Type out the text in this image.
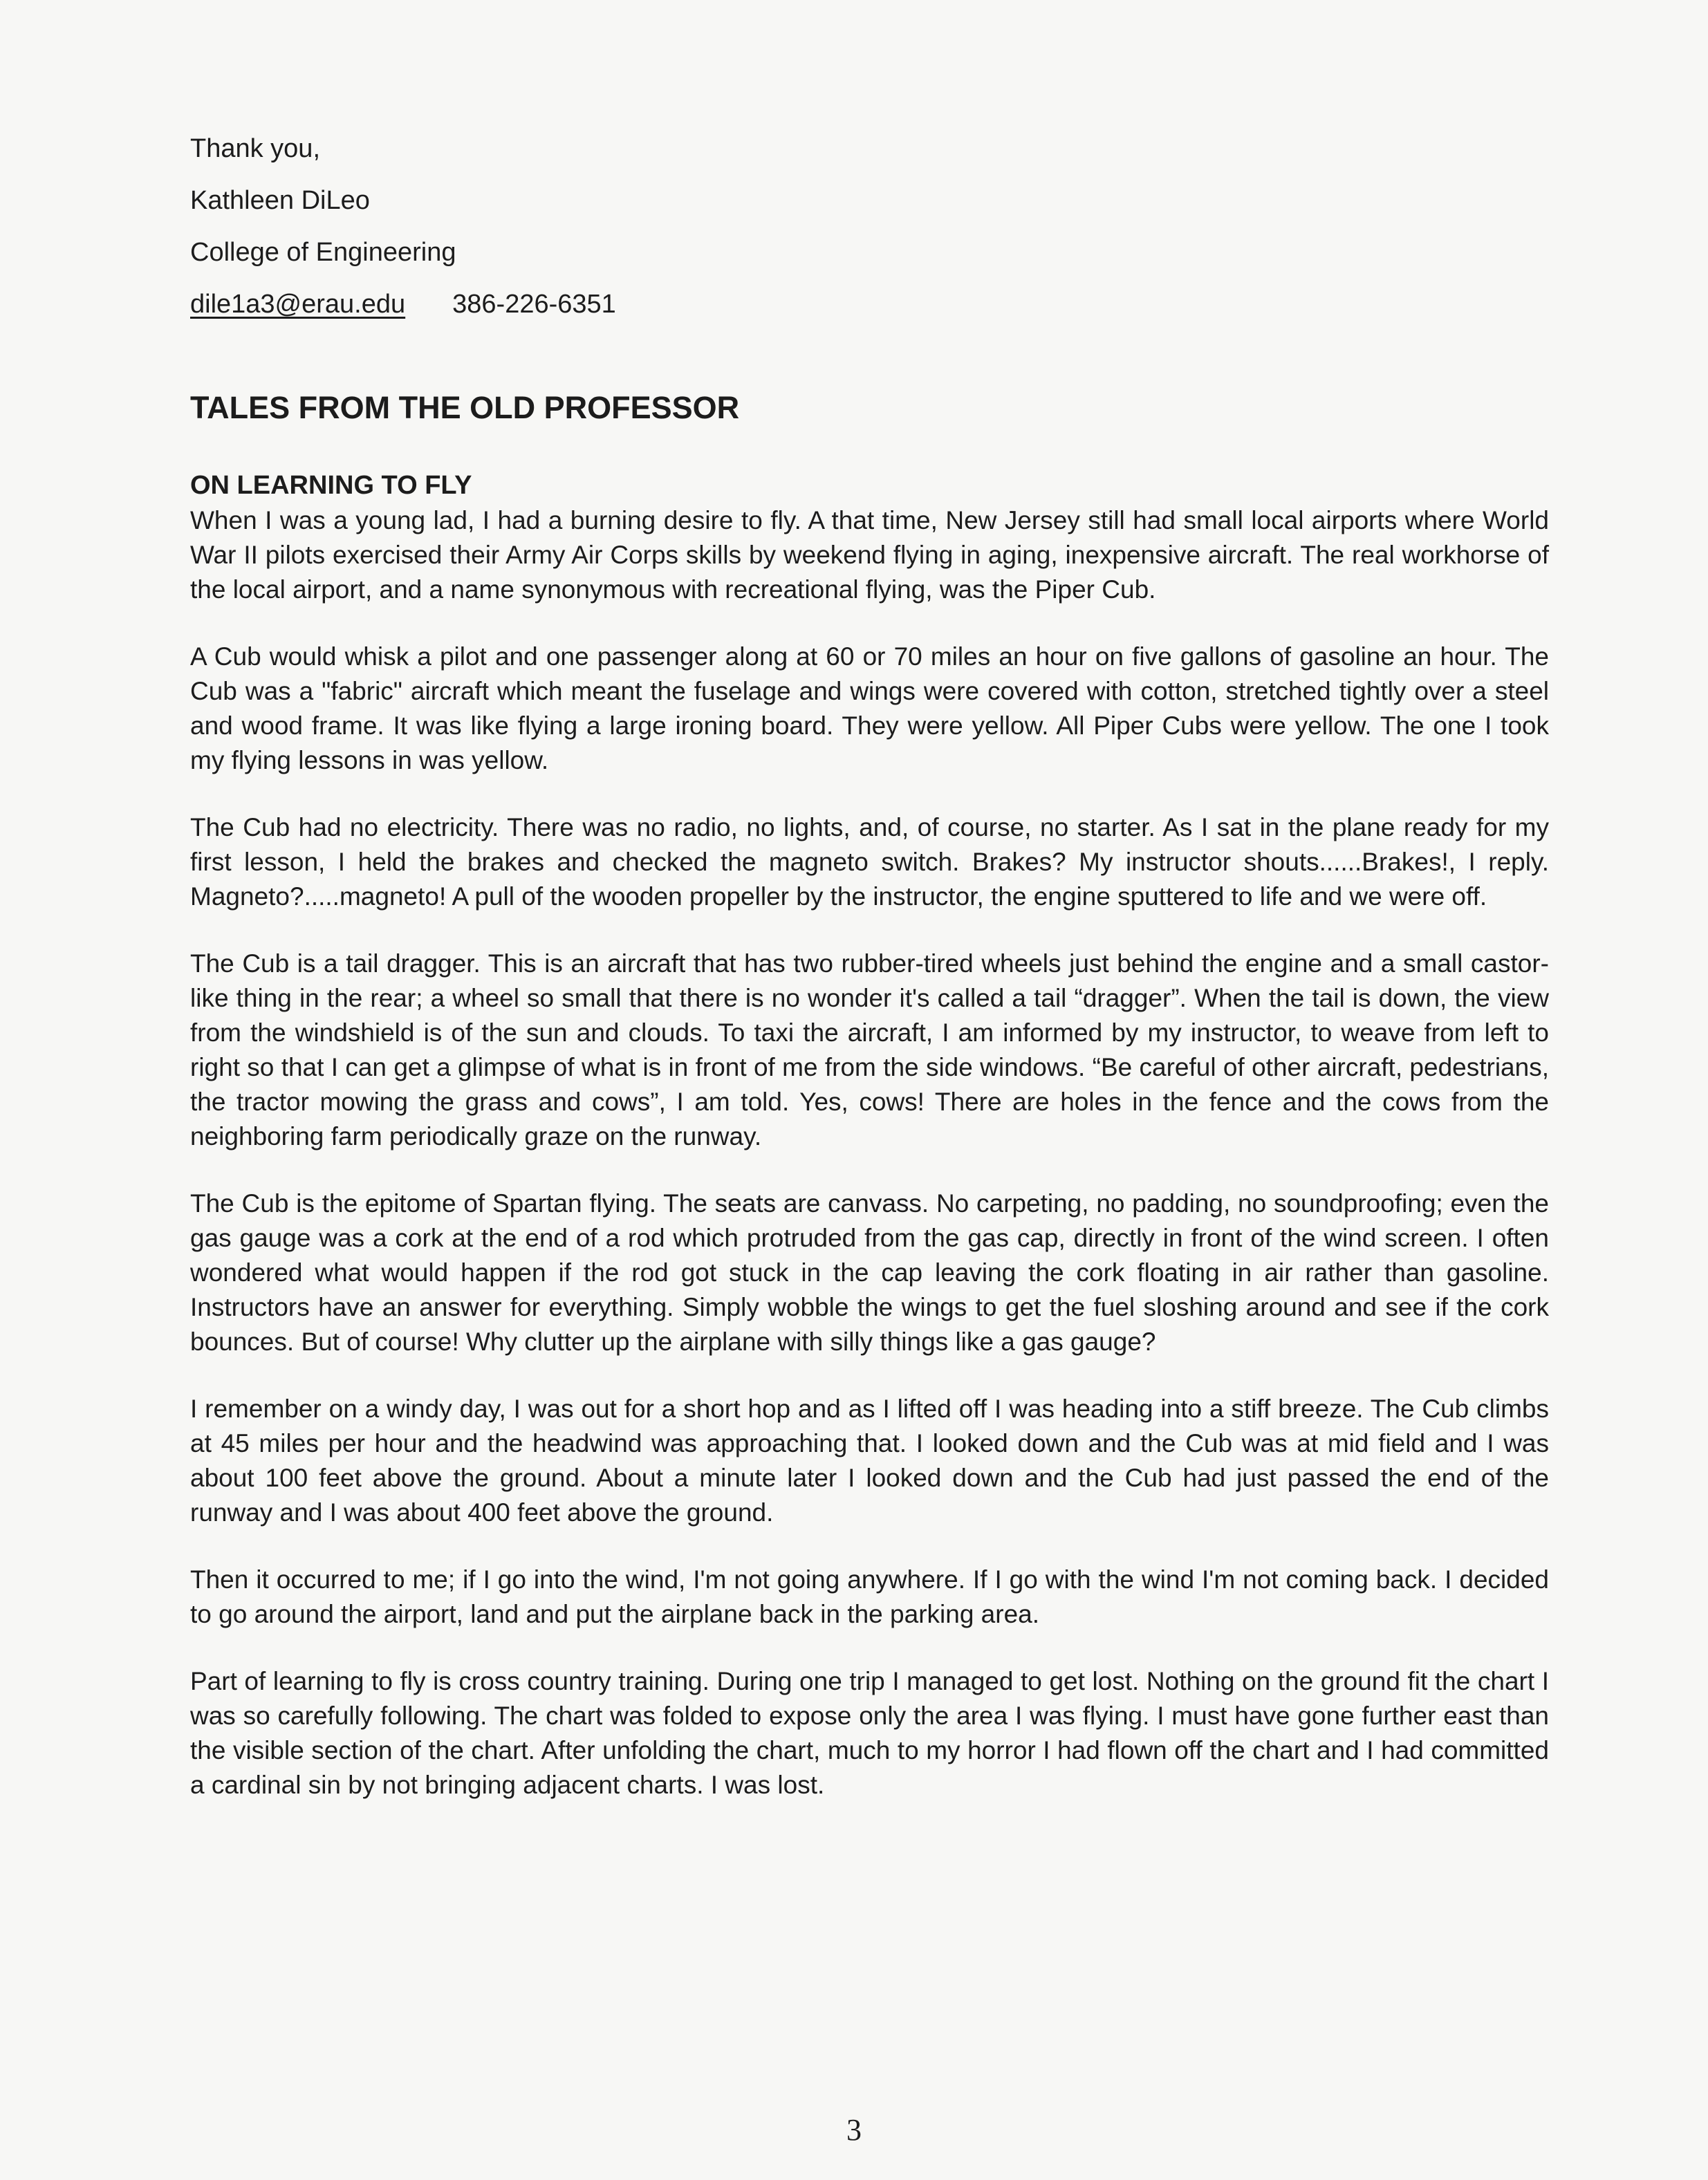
Thank you,

Kathleen DiLeo

College of Engineering

dile1a3@erau.edu 386-226-6351

TALES FROM THE OLD PROFESSOR
ON LEARNING TO FLY

When I was a young lad, I had a burning desire to fly. A that time, New Jersey still had small local airports where World War II pilots exercised their Army Air Corps skills by weekend flying in aging, inexpensive aircraft. The real workhorse of the local airport, and a name synonymous with recreational flying, was the Piper Cub.

A Cub would whisk a pilot and one passenger along at 60 or 70 miles an hour on five gallons of gasoline an hour. The Cub was a "fabric" aircraft which meant the fuselage and wings were covered with cotton, stretched tightly over a steel and wood frame. It was like flying a large ironing board. They were yellow. All Piper Cubs were yellow. The one I took my flying lessons in was yellow.

The Cub had no electricity. There was no radio, no lights, and, of course, no starter. As I sat in the plane ready for my first lesson, I held the brakes and checked the magneto switch. Brakes? My instructor shouts......Brakes!, I reply. Magneto?.....magneto! A pull of the wooden propeller by the instructor, the engine sputtered to life and we were off.

The Cub is a tail dragger. This is an aircraft that has two rubber-tired wheels just behind the engine and a small castor-like thing in the rear; a wheel so small that there is no wonder it's called a tail “dragger”. When the tail is down, the view from the windshield is of the sun and clouds. To taxi the aircraft, I am informed by my instructor, to weave from left to right so that I can get a glimpse of what is in front of me from the side windows. “Be careful of other aircraft, pedestrians, the tractor mowing the grass and cows”, I am told. Yes, cows! There are holes in the fence and the cows from the neighboring farm periodically graze on the runway.

The Cub is the epitome of Spartan flying. The seats are canvass. No carpeting, no padding, no soundproofing; even the gas gauge was a cork at the end of a rod which protruded from the gas cap, directly in front of the wind screen. I often wondered what would happen if the rod got stuck in the cap leaving the cork floating in air rather than gasoline. Instructors have an answer for everything. Simply wobble the wings to get the fuel sloshing around and see if the cork bounces. But of course! Why clutter up the airplane with silly things like a gas gauge?

I remember on a windy day, I was out for a short hop and as I lifted off I was heading into a stiff breeze. The Cub climbs at 45 miles per hour and the headwind was approaching that. I looked down and the Cub was at mid field and I was about 100 feet above the ground. About a minute later I looked down and the Cub had just passed the end of the runway and I was about 400 feet above the ground.

Then it occurred to me; if I go into the wind, I'm not going anywhere. If I go with the wind I'm not coming back. I decided to go around the airport, land and put the airplane back in the parking area.

Part of learning to fly is cross country training. During one trip I managed to get lost. Nothing on the ground fit the chart I was so carefully following. The chart was folded to expose only the area I was flying. I must have gone further east than the visible section of the chart. After unfolding the chart, much to my horror I had flown off the chart and I had committed a cardinal sin by not bringing adjacent charts. I was lost.

3
